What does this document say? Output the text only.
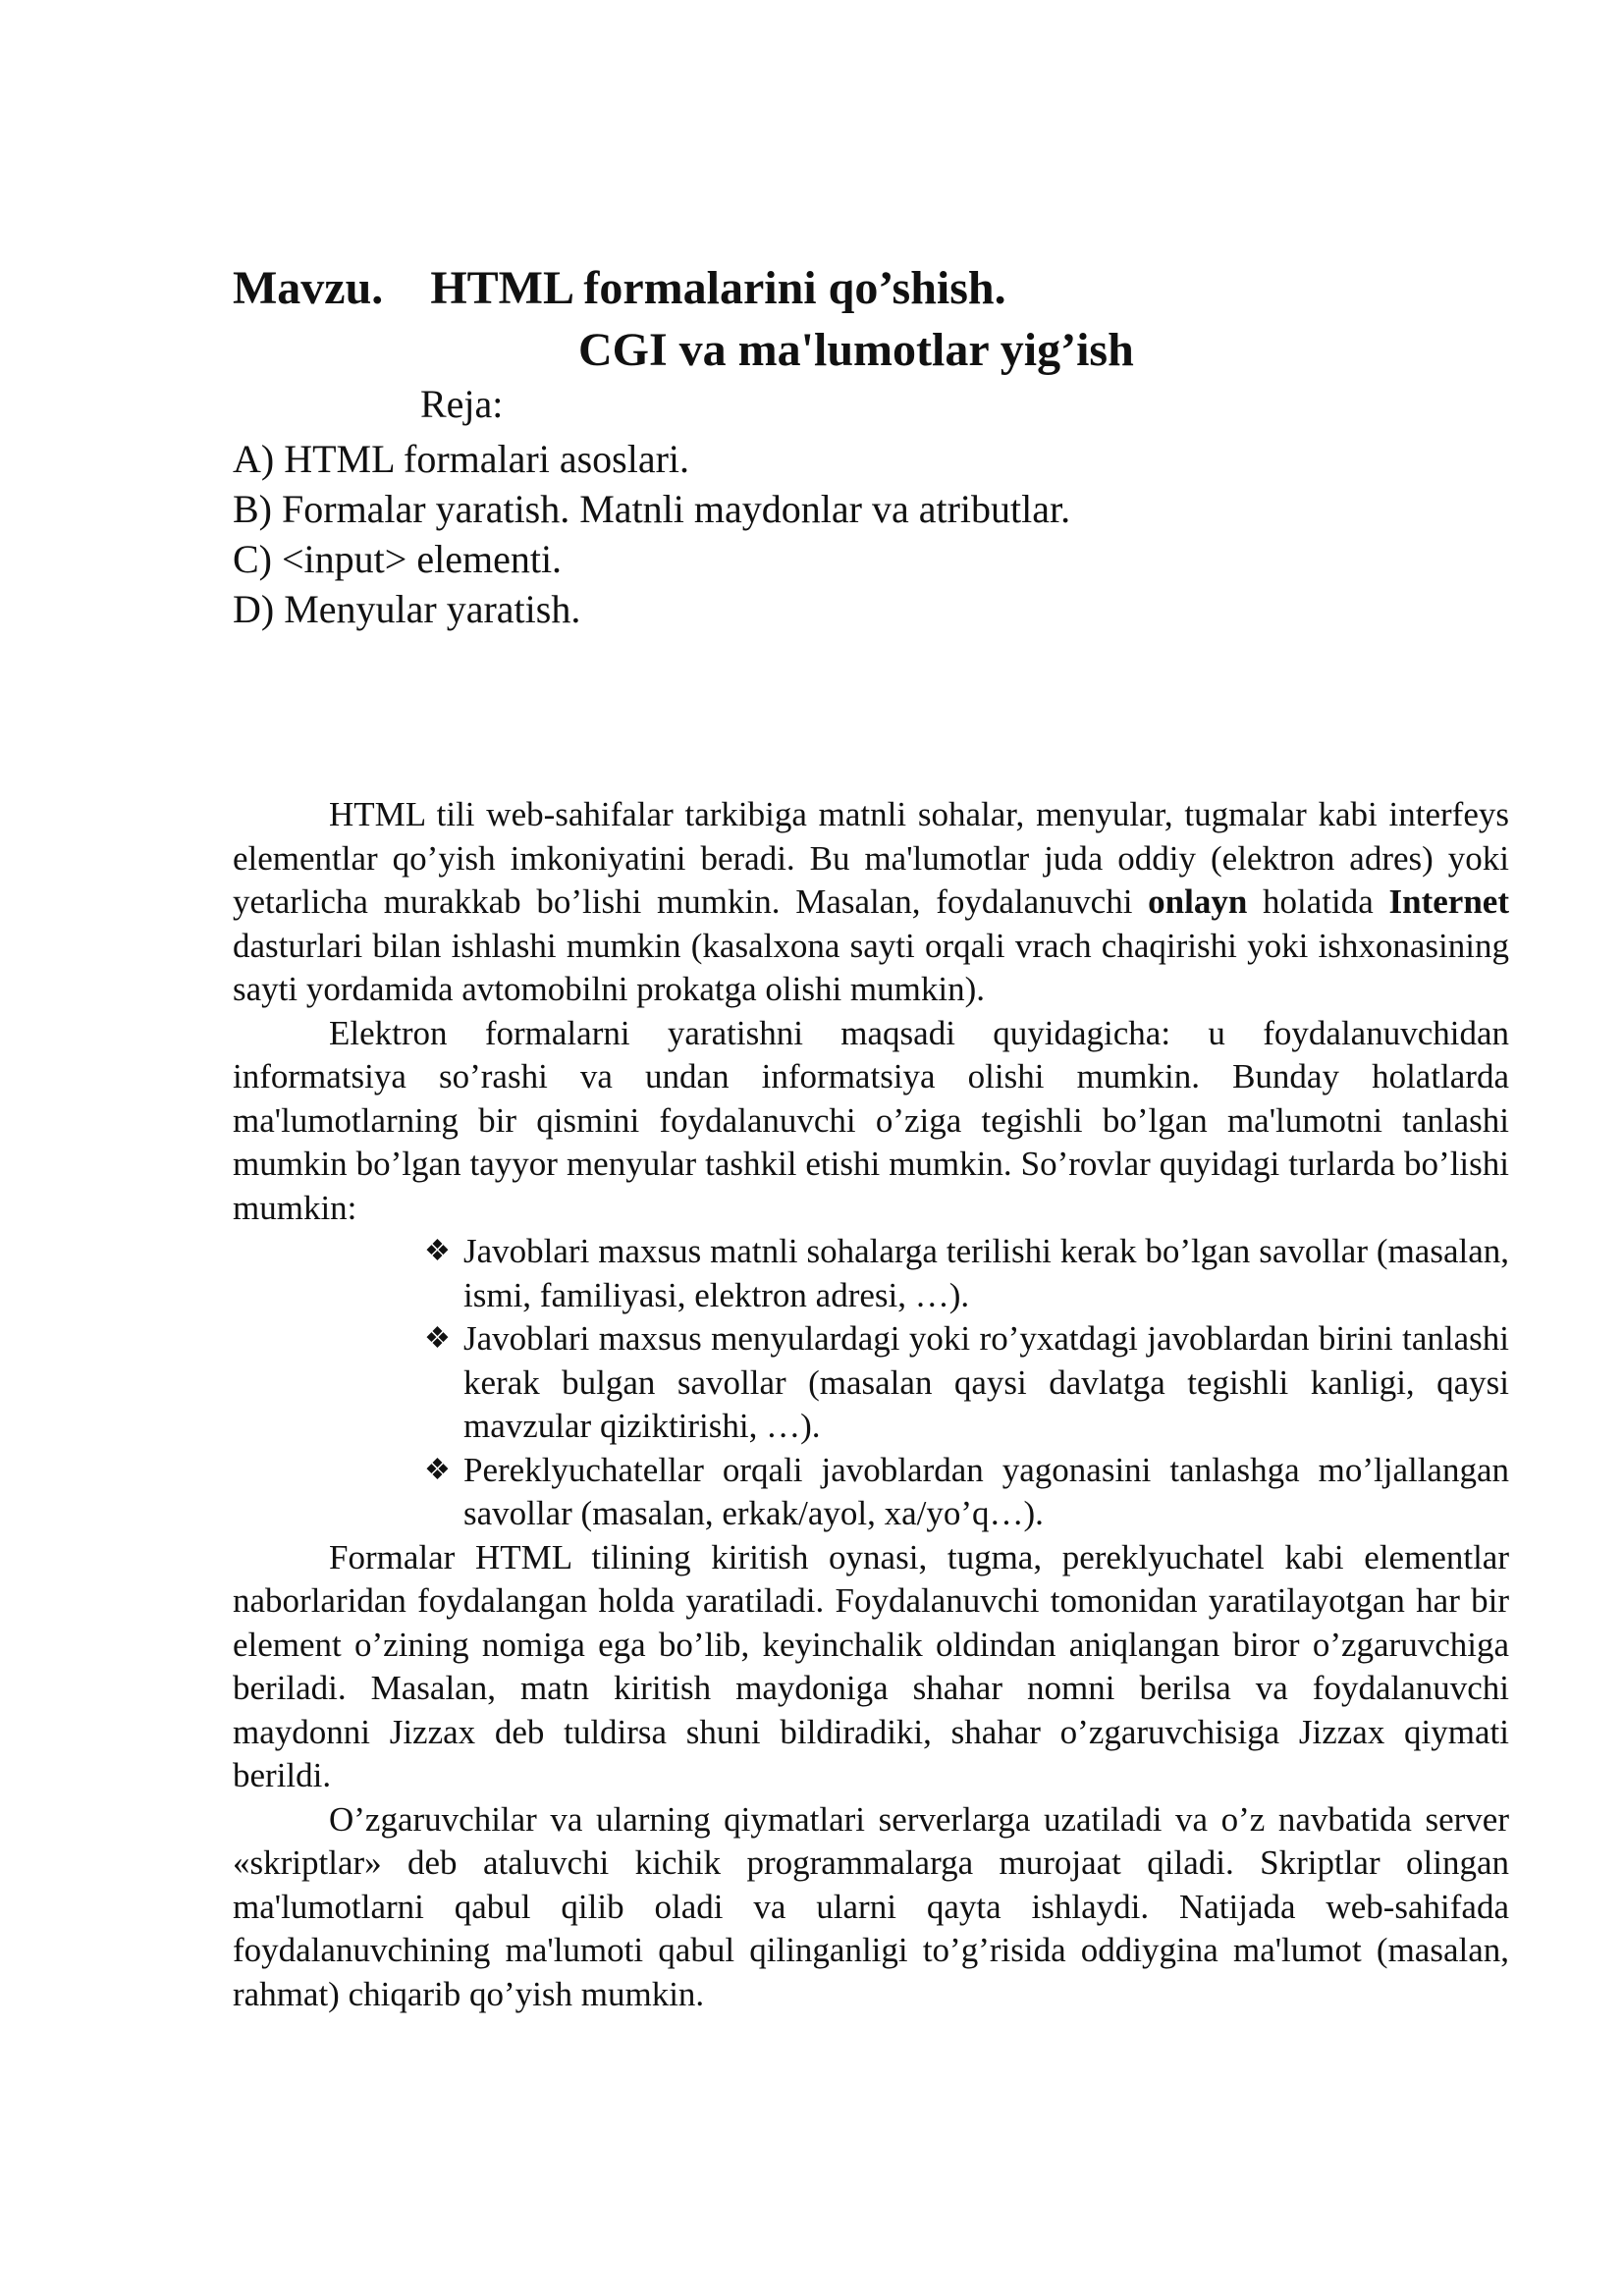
Mavzu. HTML formalarini qo’shish.
CGI va ma'lumotlar yig’ish
Reja:
A) HTML formalari asoslari.
B) Formalar yaratish. Matnli maydonlar va atributlar.
C) <input> elementi.
D) Menyular yaratish.

HTML tili web-sahifalar tarkibiga matnli sohalar, menyular, tugmalar kabi interfeys elementlar qo’yish imkoniyatini beradi. Bu ma'lumotlar juda oddiy (elektron adres) yoki yetarlicha murakkab bo’lishi mumkin. Masalan, foydalanuvchi onlayn holatida Internet dasturlari bilan ishlashi mumkin (kasalxona sayti orqali vrach chaqirishi yoki ishxonasining sayti yordamida avtomobilni prokatga olishi mumkin).

Elektron formalarni yaratishni maqsadi quyidagicha: u foydalanuvchidan informatsiya so’rashi va undan informatsiya olishi mumkin. Bunday holatlarda ma'lumotlarning bir qismini foydalanuvchi o’ziga tegishli bo’lgan ma'lumotni tanlashi mumkin bo’lgan tayyor menyular tashkil etishi mumkin. So’rovlar quyidagi turlarda bo’lishi mumkin:

❖ Javoblari maxsus matnli sohalarga terilishi kerak bo’lgan savollar (masalan, ismi, familiyasi, elektron adresi, …).
❖ Javoblari maxsus menyulardagi yoki ro’yxatdagi javoblardan birini tanlashi kerak bulgan savollar (masalan qaysi davlatga tegishli kanligi, qaysi mavzular qiziktirishi, …).
❖ Pereklyuchatellar orqali javoblardan yagonasini tanlashga mo’ljallangan savollar (masalan, erkak/ayol, xa/yo’q…).

Formalar HTML tilining kiritish oynasi, tugma, pereklyuchatel kabi elementlar naborlaridan foydalangan holda yaratiladi. Foydalanuvchi tomonidan yaratilayotgan har bir element o’zining nomiga ega bo’lib, keyinchalik oldindan aniqlangan biror o’zgaruvchiga beriladi. Masalan, matn kiritish maydoniga shahar nomni berilsa va foydalanuvchi maydonni Jizzax deb tuldirsa shuni bildiradiki, shahar o’zgaruvchisiga Jizzax qiymati berildi.

O’zgaruvchilar va ularning qiymatlari serverlarga uzatiladi va o’z navbatida server «skriptlar» deb ataluvchi kichik programmalarga murojaat qiladi. Skriptlar olingan ma'lumotlarni qabul qilib oladi va ularni qayta ishlaydi. Natijada web-sahifada foydalanuvchining ma'lumoti qabul qilinganligi to’g’risida oddiygina ma'lumot (masalan, rahmat) chiqarib qo’yish mumkin.
